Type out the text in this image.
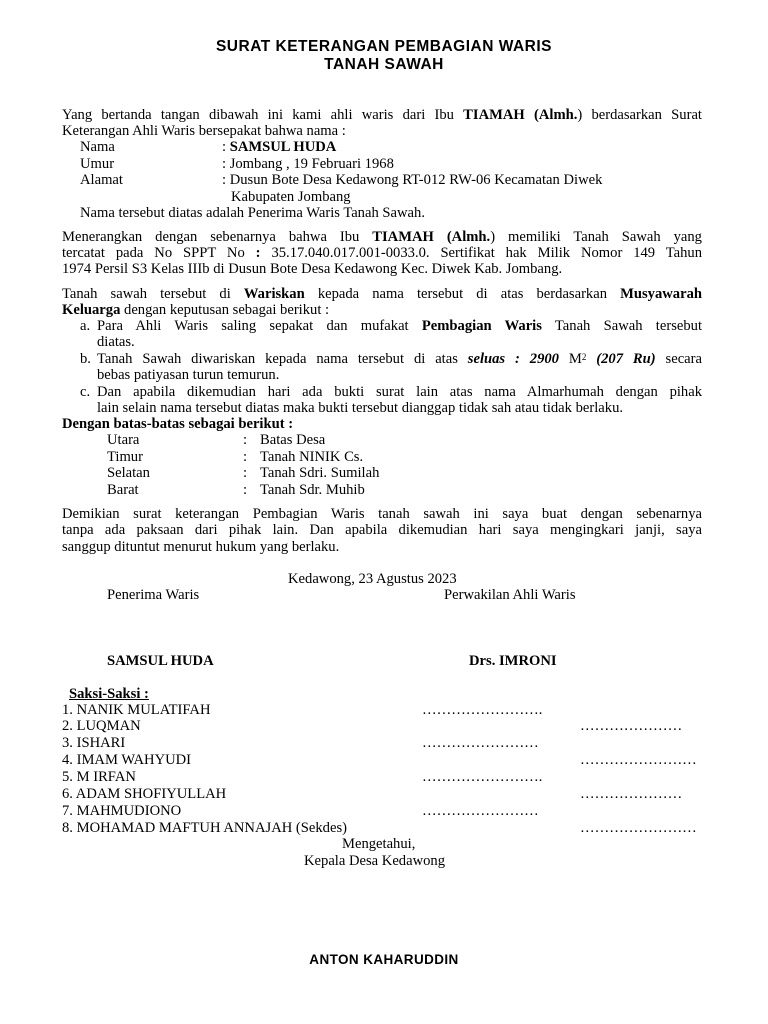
SURAT KETERANGAN PEMBAGIAN WARIS
TANAH SAWAH
Yang bertanda tangan dibawah ini kami ahli waris dari Ibu TIAMAH (Almh.) berdasarkan Surat
Keterangan Ahli Waris bersepakat bahwa nama :
Nama	: SAMSUL HUDA
Umur	: Jombang , 19 Februari 1968
Alamat	: Dusun Bote Desa Kedawong RT-012 RW-06 Kecamatan Diwek
Kabupaten Jombang
Nama tersebut diatas adalah Penerima Waris Tanah Sawah.
Menerangkan dengan sebenarnya bahwa Ibu TIAMAH (Almh.) memiliki Tanah Sawah yang
tercatat pada No SPPT No : 35.17.040.017.001-0033.0. Sertifikat hak Milik Nomor 149 Tahun
1974 Persil S3 Kelas IIIb di Dusun Bote Desa Kedawong Kec. Diwek Kab. Jombang.
Tanah sawah tersebut di Wariskan kepada nama tersebut di atas berdasarkan Musyawarah
Keluarga dengan keputusan sebagai berikut :
a. Para Ahli Waris saling sepakat dan mufakat Pembagian Waris Tanah Sawah tersebut
diatas.
b. Tanah Sawah diwariskan kepada nama tersebut di atas seluas : 2900 $M^2$ (207 Ru) secara
bebas patiyasan turun temurun.
c. Dan apabila dikemudian hari ada bukti surat lain atas nama Almarhumah dengan pihak
lain selain nama tersebut diatas maka bukti tersebut dianggap tidak sah atau tidak berlaku.
Dengan batas-batas sebagai berikut :
Utara	: Batas Desa
Timur	: Tanah NINIK Cs.
Selatan	: Tanah Sdri. Sumilah
Barat	: Tanah Sdr. Muhib
Demikian surat keterangan Pembagian Waris tanah sawah ini saya buat dengan sebenarnya
tanpa ada paksaan dari pihak lain. Dan apabila dikemudian hari saya mengingkari janji, saya
sanggup dituntut menurut hukum yang berlaku.
Kedawong, 23 Agustus 2023
Penerima Waris	Perwakilan Ahli Waris
SAMSUL HUDA	Drs. IMRONI
Saksi-Saksi :
1. NANIK MULATIFAH	…………………….
2. LUQMAN	…………………
3. ISHARI	……………………
4. IMAM WAHYUDI	……………………
5. M IRFAN	…………………….
6. ADAM SHOFIYULLAH	…………………
7. MAHMUDIONO	……………………
8. MOHAMAD MAFTUH ANNAJAH (Sekdes)	……………………
Mengetahui,
Kepala Desa Kedawong
ANTON KAHARUDDIN
